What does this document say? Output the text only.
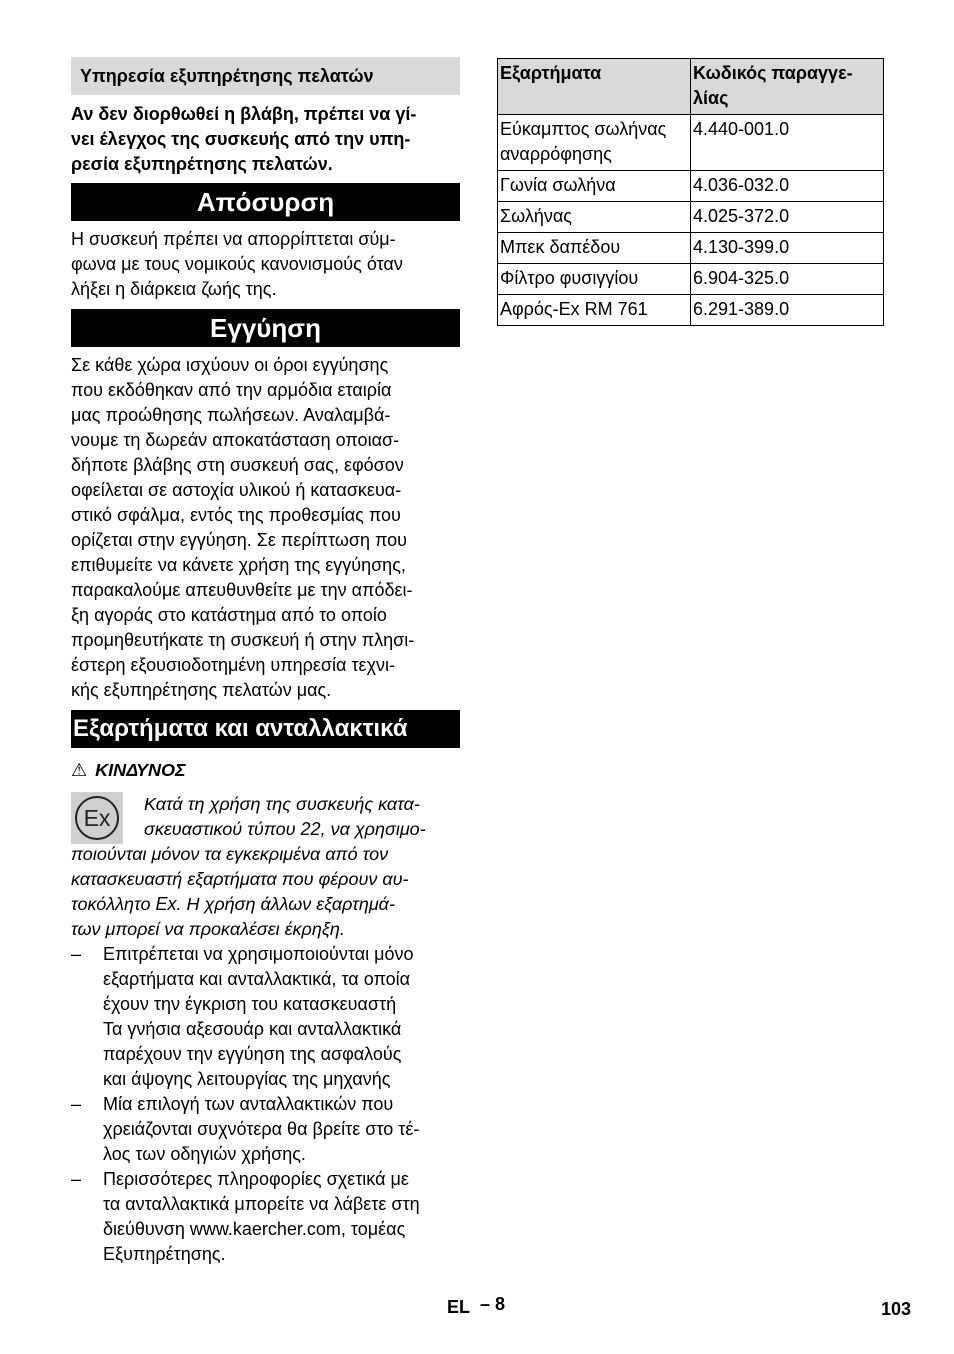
Υπηρεσία εξυπηρέτησης πελατών
Αν δεν διορθωθεί η βλάβη, πρέπει να γί-
νει έλεγχος της συσκευής από την υπη-
ρεσία εξυπηρέτησης πελατών.
Απόσυρση
Η συσκευή πρέπει να απορρίπτεται σύμ-
φωνα με τους νομικούς κανονισμούς όταν
λήξει η διάρκεια ζωής της.
Εγγύηση
Σε κάθε χώρα ισχύουν οι όροι εγγύησης
που εκδόθηκαν από την αρμόδια εταιρία
μας προώθησης πωλήσεων. Αναλαμβά-
νουμε τη δωρεάν αποκατάσταση οποιασ-
δήποτε βλάβης στη συσκευή σας, εφόσον
οφείλεται σε αστοχία υλικού ή κατασκευα-
στικό σφάλμα, εντός της προθεσμίας που
ορίζεται στην εγγύηση. Σε περίπτωση που
επιθυμείτε να κάνετε χρήση της εγγύησης,
παρακαλούμε απευθυνθείτε με την απόδει-
ξη αγοράς στο κατάστημα από το οποίο
προμηθευτήκατε τη συσκευή ή στην πλησι-
έστερη εξουσιοδοτημένη υπηρεσία τεχνι-
κής εξυπηρέτησης πελατών μας.
Εξαρτήματα και ανταλλακτικά
⚠ ΚΙΝΔΥΝΟΣ
Ex
Κατά τη χρήση της συσκευής κατα-
σκευαστικού τύπου 22, να χρησιμο-
ποιούνται μόνον τα εγκεκριμένα από τον
κατασκευαστή εξαρτήματα που φέρουν αυ-
τοκόλλητο Ex. Η χρήση άλλων εξαρτημά-
των μπορεί να προκαλέσει έκρηξη.
– Επιτρέπεται να χρησιμοποιούνται μόνο
εξαρτήματα και ανταλλακτικά, τα οποία
έχουν την έγκριση του κατασκευαστή
Τα γνήσια αξεσουάρ και ανταλλακτικά
παρέχουν την εγγύηση της ασφαλούς
και άψογης λειτουργίας της μηχανής
– Μία επιλογή των ανταλλακτικών που
χρειάζονται συχνότερα θα βρείτε στο τέ-
λος των οδηγιών χρήσης.
– Περισσότερες πληροφορίες σχετικά με
τα ανταλλακτικά μπορείτε να λάβετε στη
διεύθυνση www.kaercher.com, τομέας
Εξυπηρέτησης.
Εξαρτήματα	Κωδικός παραγγε-
λίας
Εύκαμπτος σωλήνας
αναρρόφησης	4.440-001.0
Γωνία σωλήνα	4.036-032.0
Σωλήνας	4.025-372.0
Μπεκ δαπέδου	4.130-399.0
Φίλτρο φυσιγγίου	6.904-325.0
Αφρός-Ex RM 761	6.291-389.0
EL – 8	103
